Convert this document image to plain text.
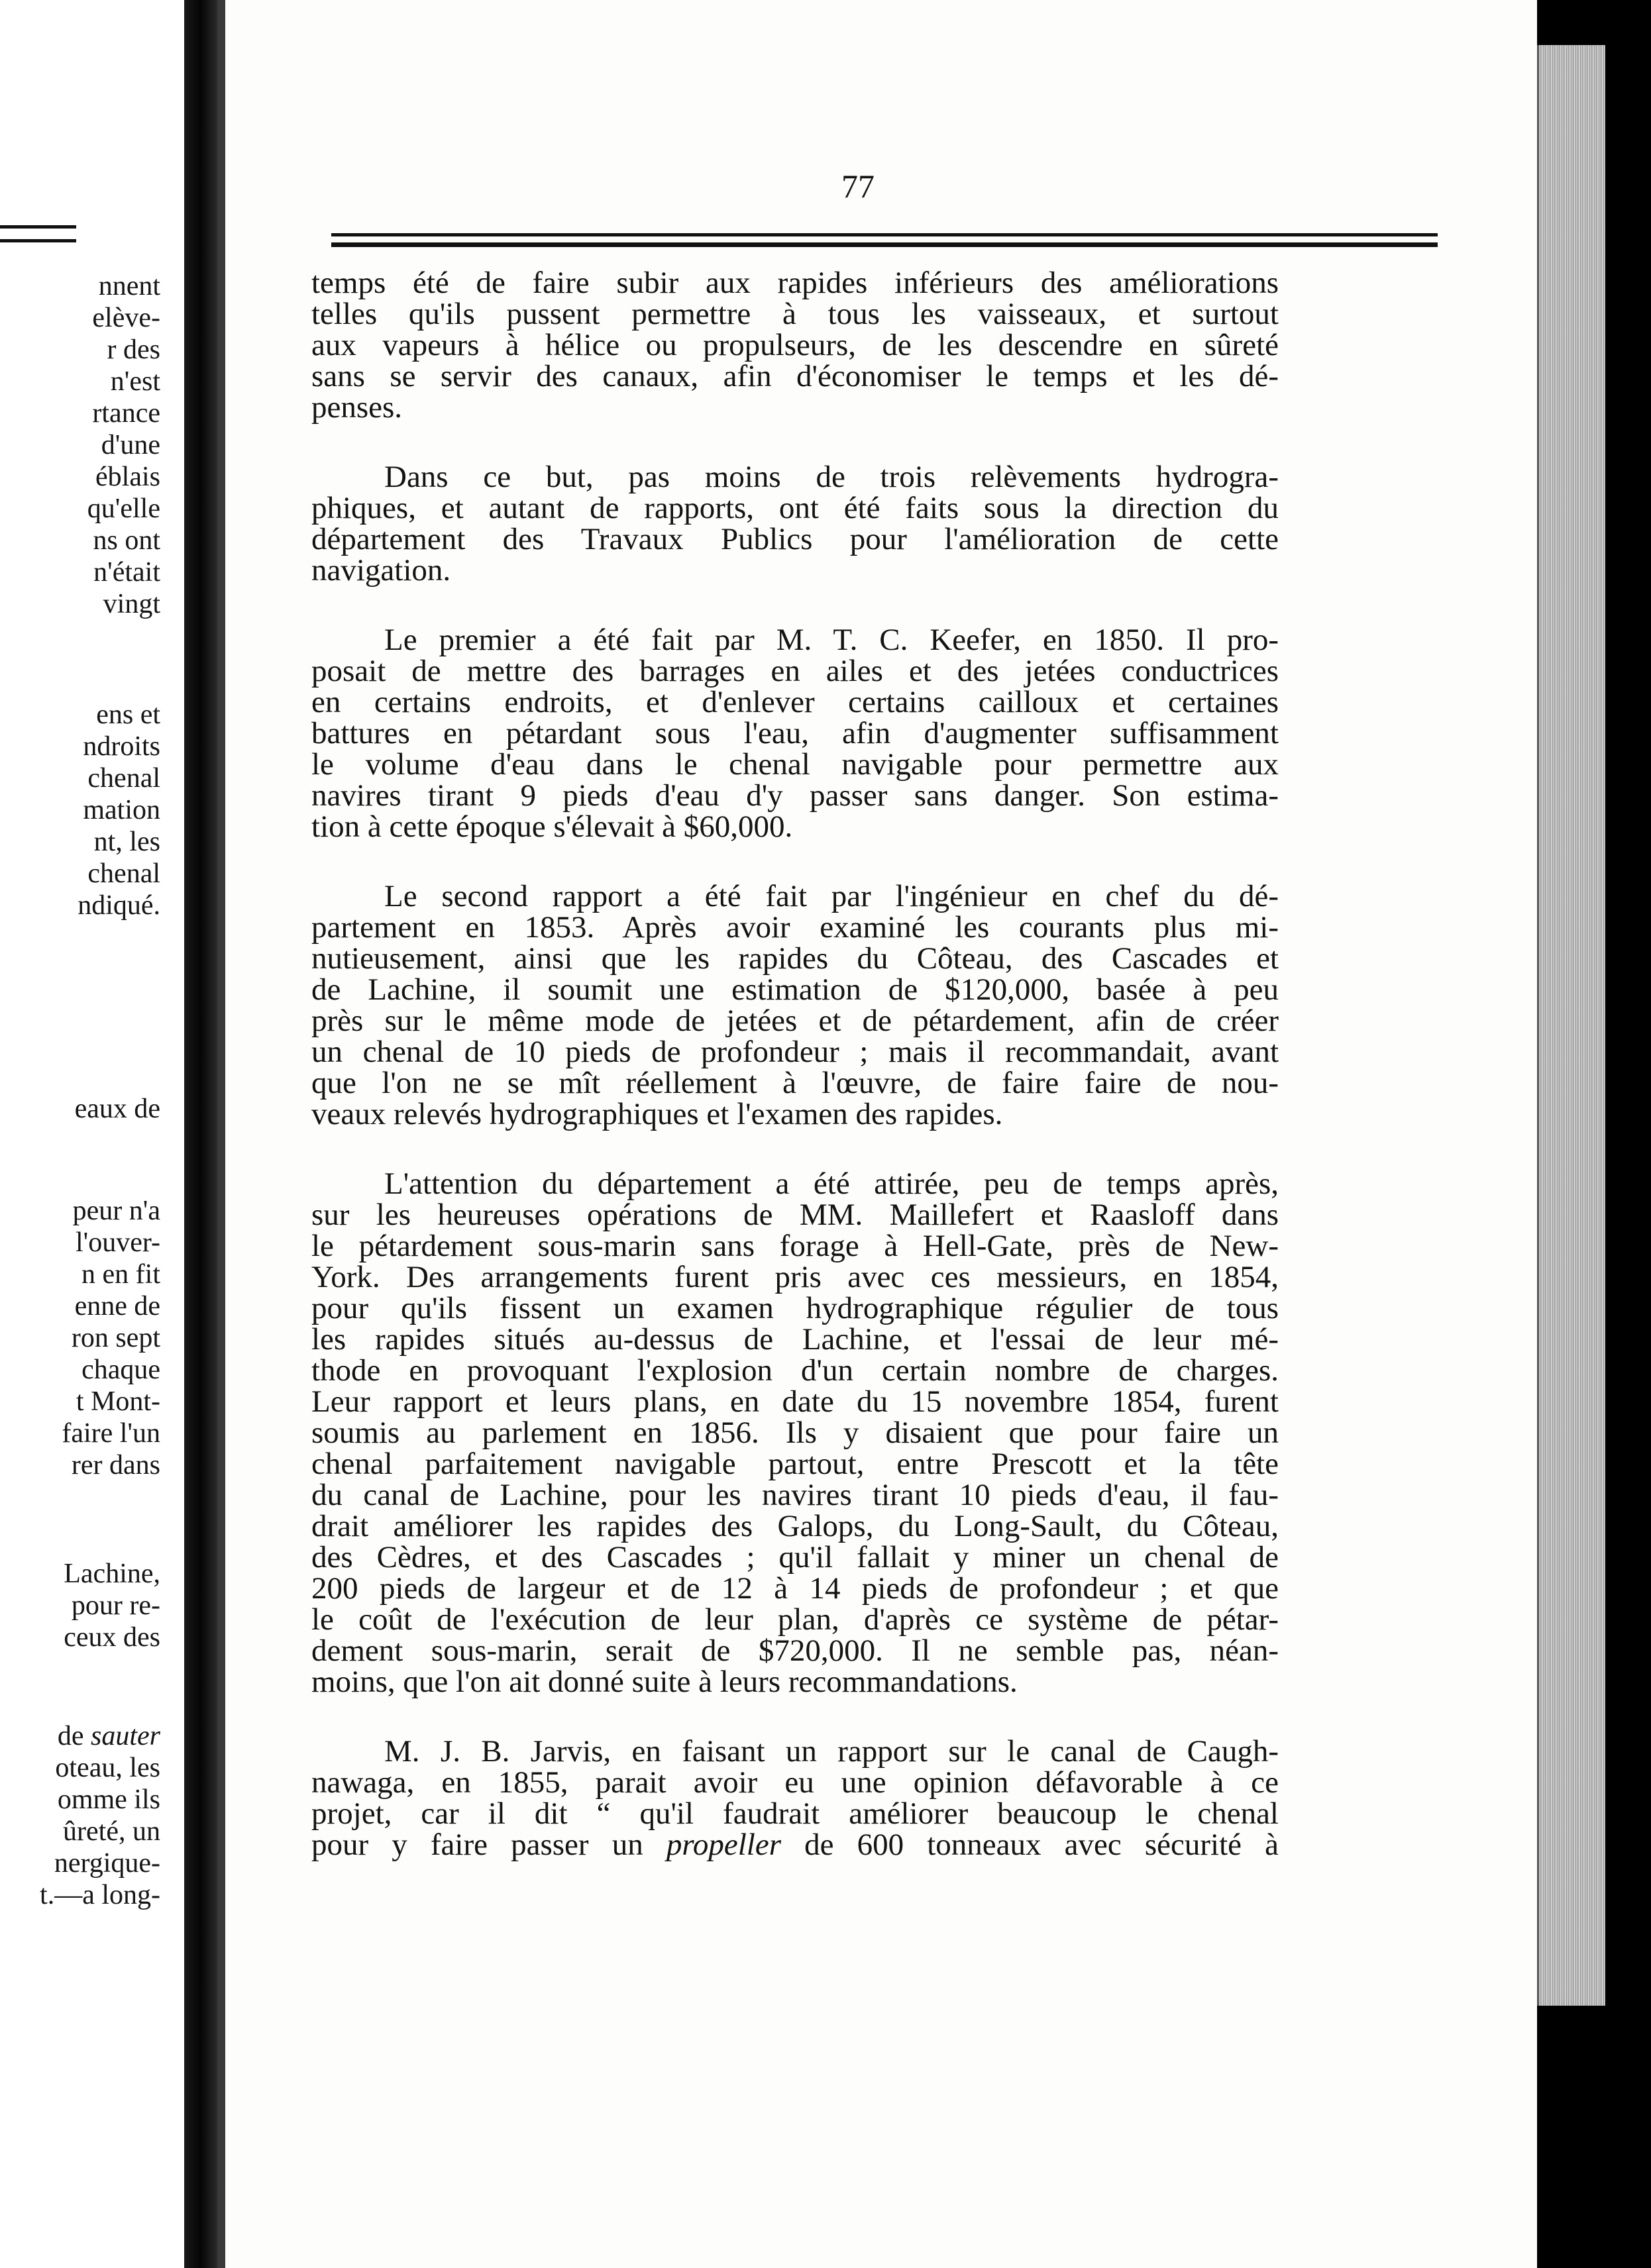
nnent

elève-

r des

n'est

rtance

d'une

éblais

qu'elle

ns ont

n'était

vingt

ens et

ndroits

chenal

mation

nt, les

chenal

ndiqué.

eaux de

peur n'a

l'ouver-

n en fit

enne de

ron sept

chaque

t Mont-

faire l'un

rer dans

Lachine,

pour re-

ceux des

de sauter

oteau, les

omme ils

ûreté, un

nergique-

t.—a long-

77

temps été de faire subir aux rapides inférieurs des améliorations

telles qu'ils pussent permettre à tous les vaisseaux, et surtout

aux vapeurs à hélice ou propulseurs, de les descendre en sûreté

sans se servir des canaux, afin d'économiser le temps et les dé-

penses.

Dans ce but, pas moins de trois relèvements hydrogra-

phiques, et autant de rapports, ont été faits sous la direction du

département des Travaux Publics pour l'amélioration de cette

navigation.

Le premier a été fait par M. T. C. Keefer, en 1850. Il pro-

posait de mettre des barrages en ailes et des jetées conductrices

en certains endroits, et d'enlever certains cailloux et certaines

battures en pétardant sous l'eau, afin d'augmenter suffisamment

le volume d'eau dans le chenal navigable pour permettre aux

navires tirant 9 pieds d'eau d'y passer sans danger. Son estima-

tion à cette époque s'élevait à $60,000.

Le second rapport a été fait par l'ingénieur en chef du dé-

partement en 1853. Après avoir examiné les courants plus mi-

nutieusement, ainsi que les rapides du Côteau, des Cascades et

de Lachine, il soumit une estimation de $120,000, basée à peu

près sur le même mode de jetées et de pétardement, afin de créer

un chenal de 10 pieds de profondeur ; mais il recommandait, avant

que l'on ne se mît réellement à l'œuvre, de faire faire de nou-

veaux relevés hydrographiques et l'examen des rapides.

L'attention du département a été attirée, peu de temps après,

sur les heureuses opérations de MM. Maillefert et Raasloff dans

le pétardement sous-marin sans forage à Hell-Gate, près de New-

York. Des arrangements furent pris avec ces messieurs, en 1854,

pour qu'ils fissent un examen hydrographique régulier de tous

les rapides situés au-dessus de Lachine, et l'essai de leur mé-

thode en provoquant l'explosion d'un certain nombre de charges.

Leur rapport et leurs plans, en date du 15 novembre 1854, furent

soumis au parlement en 1856. Ils y disaient que pour faire un

chenal parfaitement navigable partout, entre Prescott et la tête

du canal de Lachine, pour les navires tirant 10 pieds d'eau, il fau-

drait améliorer les rapides des Galops, du Long-Sault, du Côteau,

des Cèdres, et des Cascades ; qu'il fallait y miner un chenal de

200 pieds de largeur et de 12 à 14 pieds de profondeur ; et que

le coût de l'exécution de leur plan, d'après ce système de pétar-

dement sous-marin, serait de $720,000. Il ne semble pas, néan-

moins, que l'on ait donné suite à leurs recommandations.

M. J. B. Jarvis, en faisant un rapport sur le canal de Caugh-

nawaga, en 1855, parait avoir eu une opinion défavorable à ce

projet, car il dit “ qu'il faudrait améliorer beaucoup le chenal

pour y faire passer un propeller de 600 tonneaux avec sécurité à
